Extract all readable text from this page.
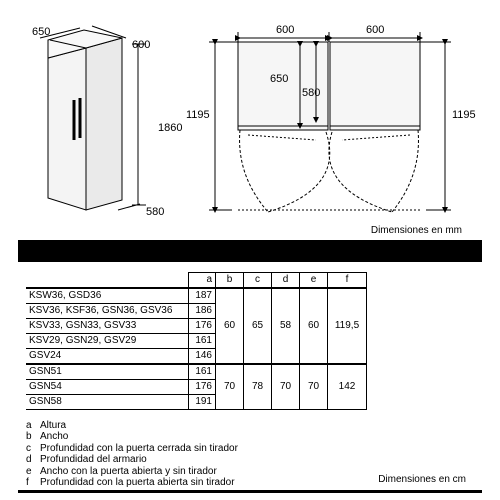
650
600
1860
580
600	600
650
580
1195	1195
Dimensiones en mm
	a	b	c	d	e	f
KSW36, GSD36	187	60	65	58	60	119,5
KSV36, KSF36, GSN36, GSV36	186					
KSV33, GSN33, GSV33	176					
KSV29, GSN29, GSV29	161					
GSV24	146					
GSN51	161	70	78	70	70	142
GSN54	176					
GSN58	191					
a Altura
b Ancho
c Profundidad con la puerta cerrada sin tirador
d Profundidad del armario
e Ancho con la puerta abierta y sin tirador
f	Profundidad con la puerta abierta sin tirador	Dimensiones en cm
